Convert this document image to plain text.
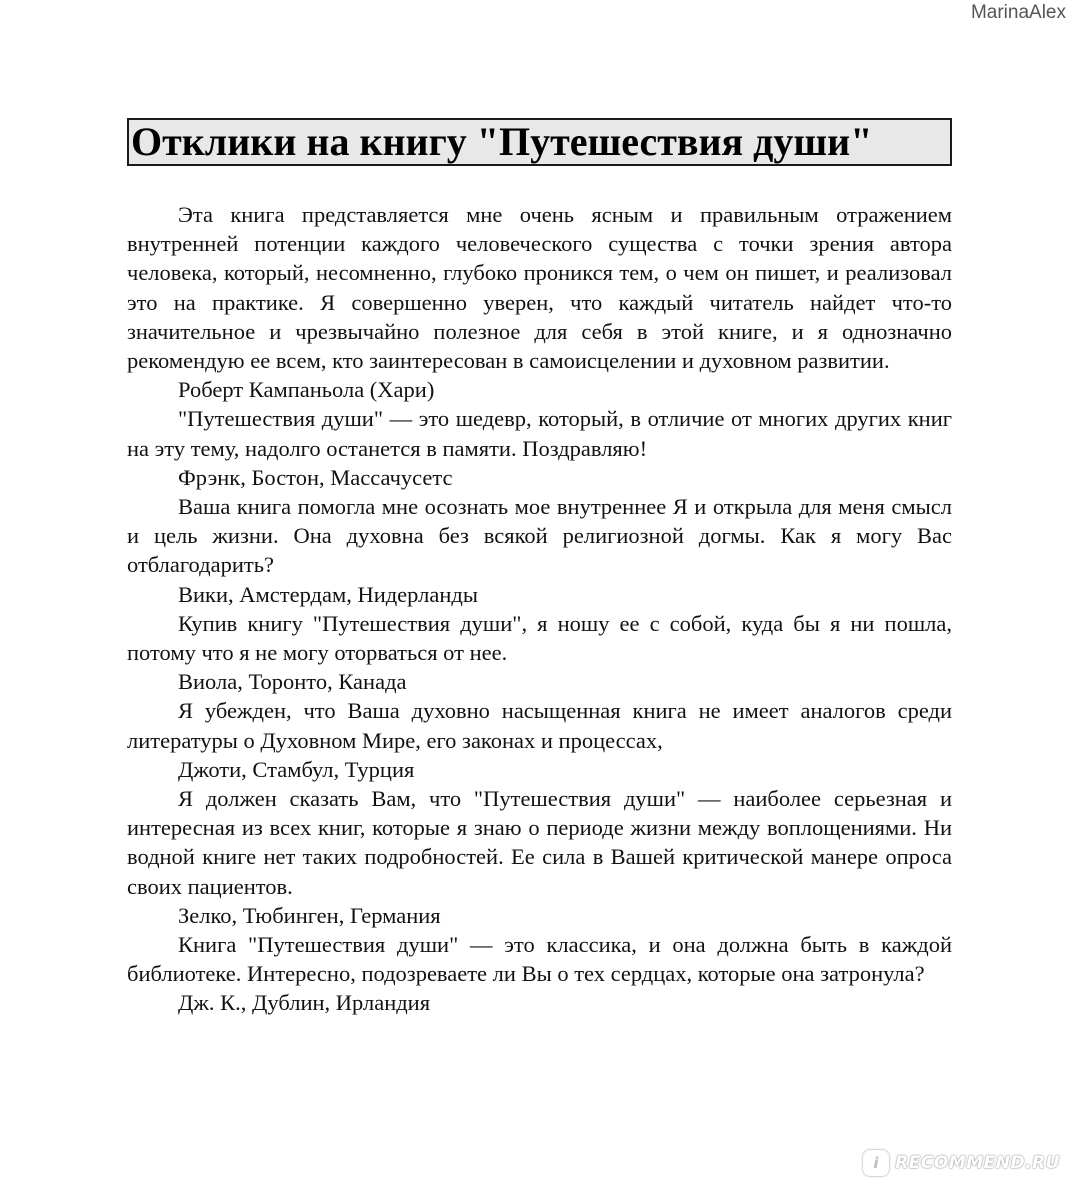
MarinaAlex
Отклики на книгу "Путешествия души"

Эта книга представляется мне очень ясным и правильным отражением внутренней потенции каждого человеческого существа с точки зрения автора человека, который, несомненно, глубоко проникся тем, о чем он пишет, и реализовал это на практике. Я совершенно уверен, что каждый читатель найдет что-то значительное и чрезвычайно полезное для себя в этой книге, и я однозначно рекомендую ее всем, кто заинтересован в самоисцелении и духовном развитии.

Роберт Кампаньола (Хари)

"Путешествия души" — это шедевр, который, в отличие от многих других книг на эту тему, надолго останется в памяти. Поздравляю!

Фрэнк, Бостон, Массачусетс

Ваша книга помогла мне осознать мое внутреннее Я и открыла для меня смысл и цель жизни. Она духовна без всякой религиозной догмы. Как я могу Вас отблагодарить?

Вики, Амстердам, Нидерланды

Купив книгу "Путешествия души", я ношу ее с собой, куда бы я ни пошла, потому что я не могу оторваться от нее.

Виола, Торонто, Канада

Я убежден, что Ваша духовно насыщенная книга не имеет аналогов среди литературы о Духовном Мире, его законах и процессах,

Джоти, Стамбул, Турция

Я должен сказать Вам, что "Путешествия души" — наиболее серьезная и интересная из всех книг, которые я знаю о периоде жизни между воплощениями. Ни водной книге нет таких подробностей. Ее сила в Вашей критической манере опроса своих пациентов.

Зелко, Тюбинген, Германия

Книга "Путешествия души" — это классика, и она должна быть в каждой библиотеке. Интересно, подозреваете ли Вы о тех сердцах, которые она затронула?

Дж. К., Дублин, Ирландия

i RECOMMEND.RU
